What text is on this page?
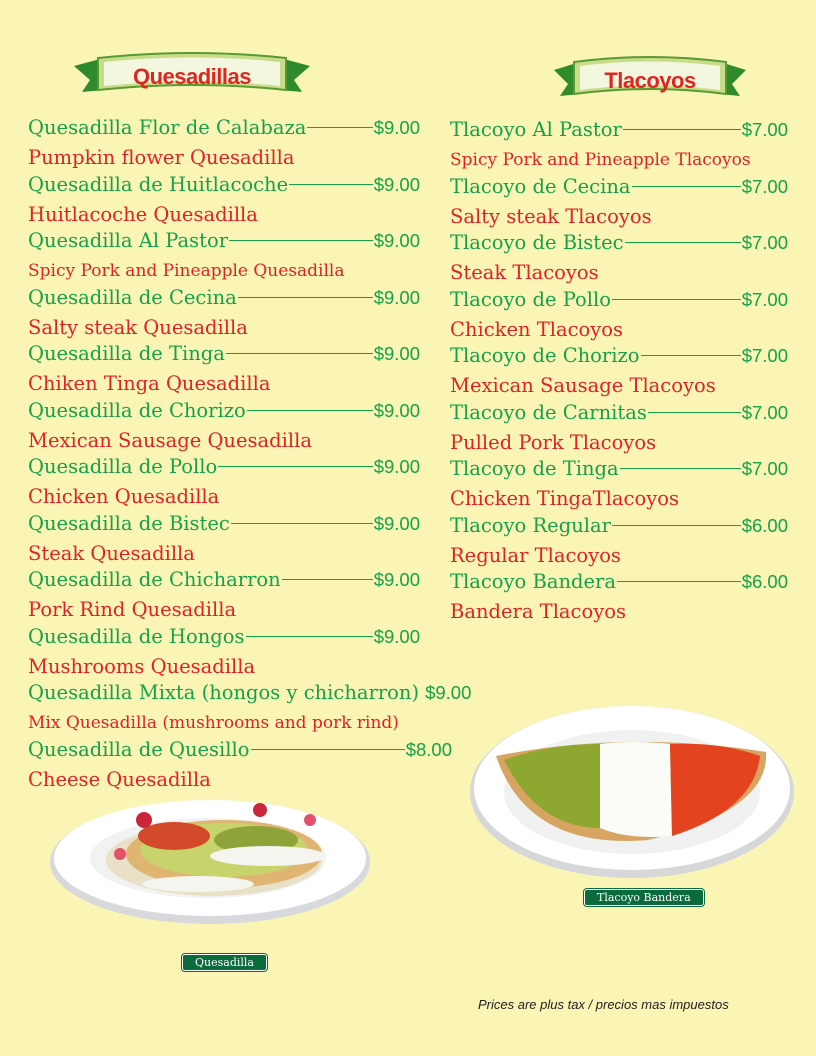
Quesadillas	Tlacoyos
Quesadilla Flor de Calabaza	$9.00
Pumpkin flower Quesadilla
Quesadilla de Huitlacoche	$9.00
Huitlacoche Quesadilla
Quesadilla Al Pastor	$9.00
Spicy Pork and Pineapple Quesadilla
Quesadilla de Cecina	$9.00
Salty steak Quesadilla
Quesadilla de Tinga	$9.00
Chiken Tinga Quesadilla
Quesadilla de Chorizo	$9.00
Mexican Sausage Quesadilla
Quesadilla de Pollo	$9.00
Chicken Quesadilla
Quesadilla de Bistec	$9.00
Steak Quesadilla
Quesadilla de Chicharron	$9.00
Pork Rind Quesadilla
Quesadilla de Hongos	$9.00
Mushrooms Quesadilla
Quesadilla Mixta (hongos y chicharron) $9.00
Mix Quesadilla (mushrooms and pork rind)
Quesadilla de Quesillo	$8.00
Cheese Quesadilla
Tlacoyo Al Pastor	$7.00
Spicy Pork and Pineapple Tlacoyos
Tlacoyo de Cecina	$7.00
Salty steak Tlacoyos
Tlacoyo de Bistec	$7.00
Steak Tlacoyos
Tlacoyo de Pollo	$7.00
Chicken Tlacoyos
Tlacoyo de Chorizo	$7.00
Mexican Sausage Tlacoyos
Tlacoyo de Carnitas	$7.00
Pulled Pork Tlacoyos
Tlacoyo de Tinga	$7.00
Chicken TingaTlacoyos
Tlacoyo Regular	$6.00
Regular Tlacoyos
Tlacoyo Bandera	$6.00
Bandera Tlacoyos
Quesadilla
Tlacoyo Bandera
Prices are plus tax / precios mas impuestos
